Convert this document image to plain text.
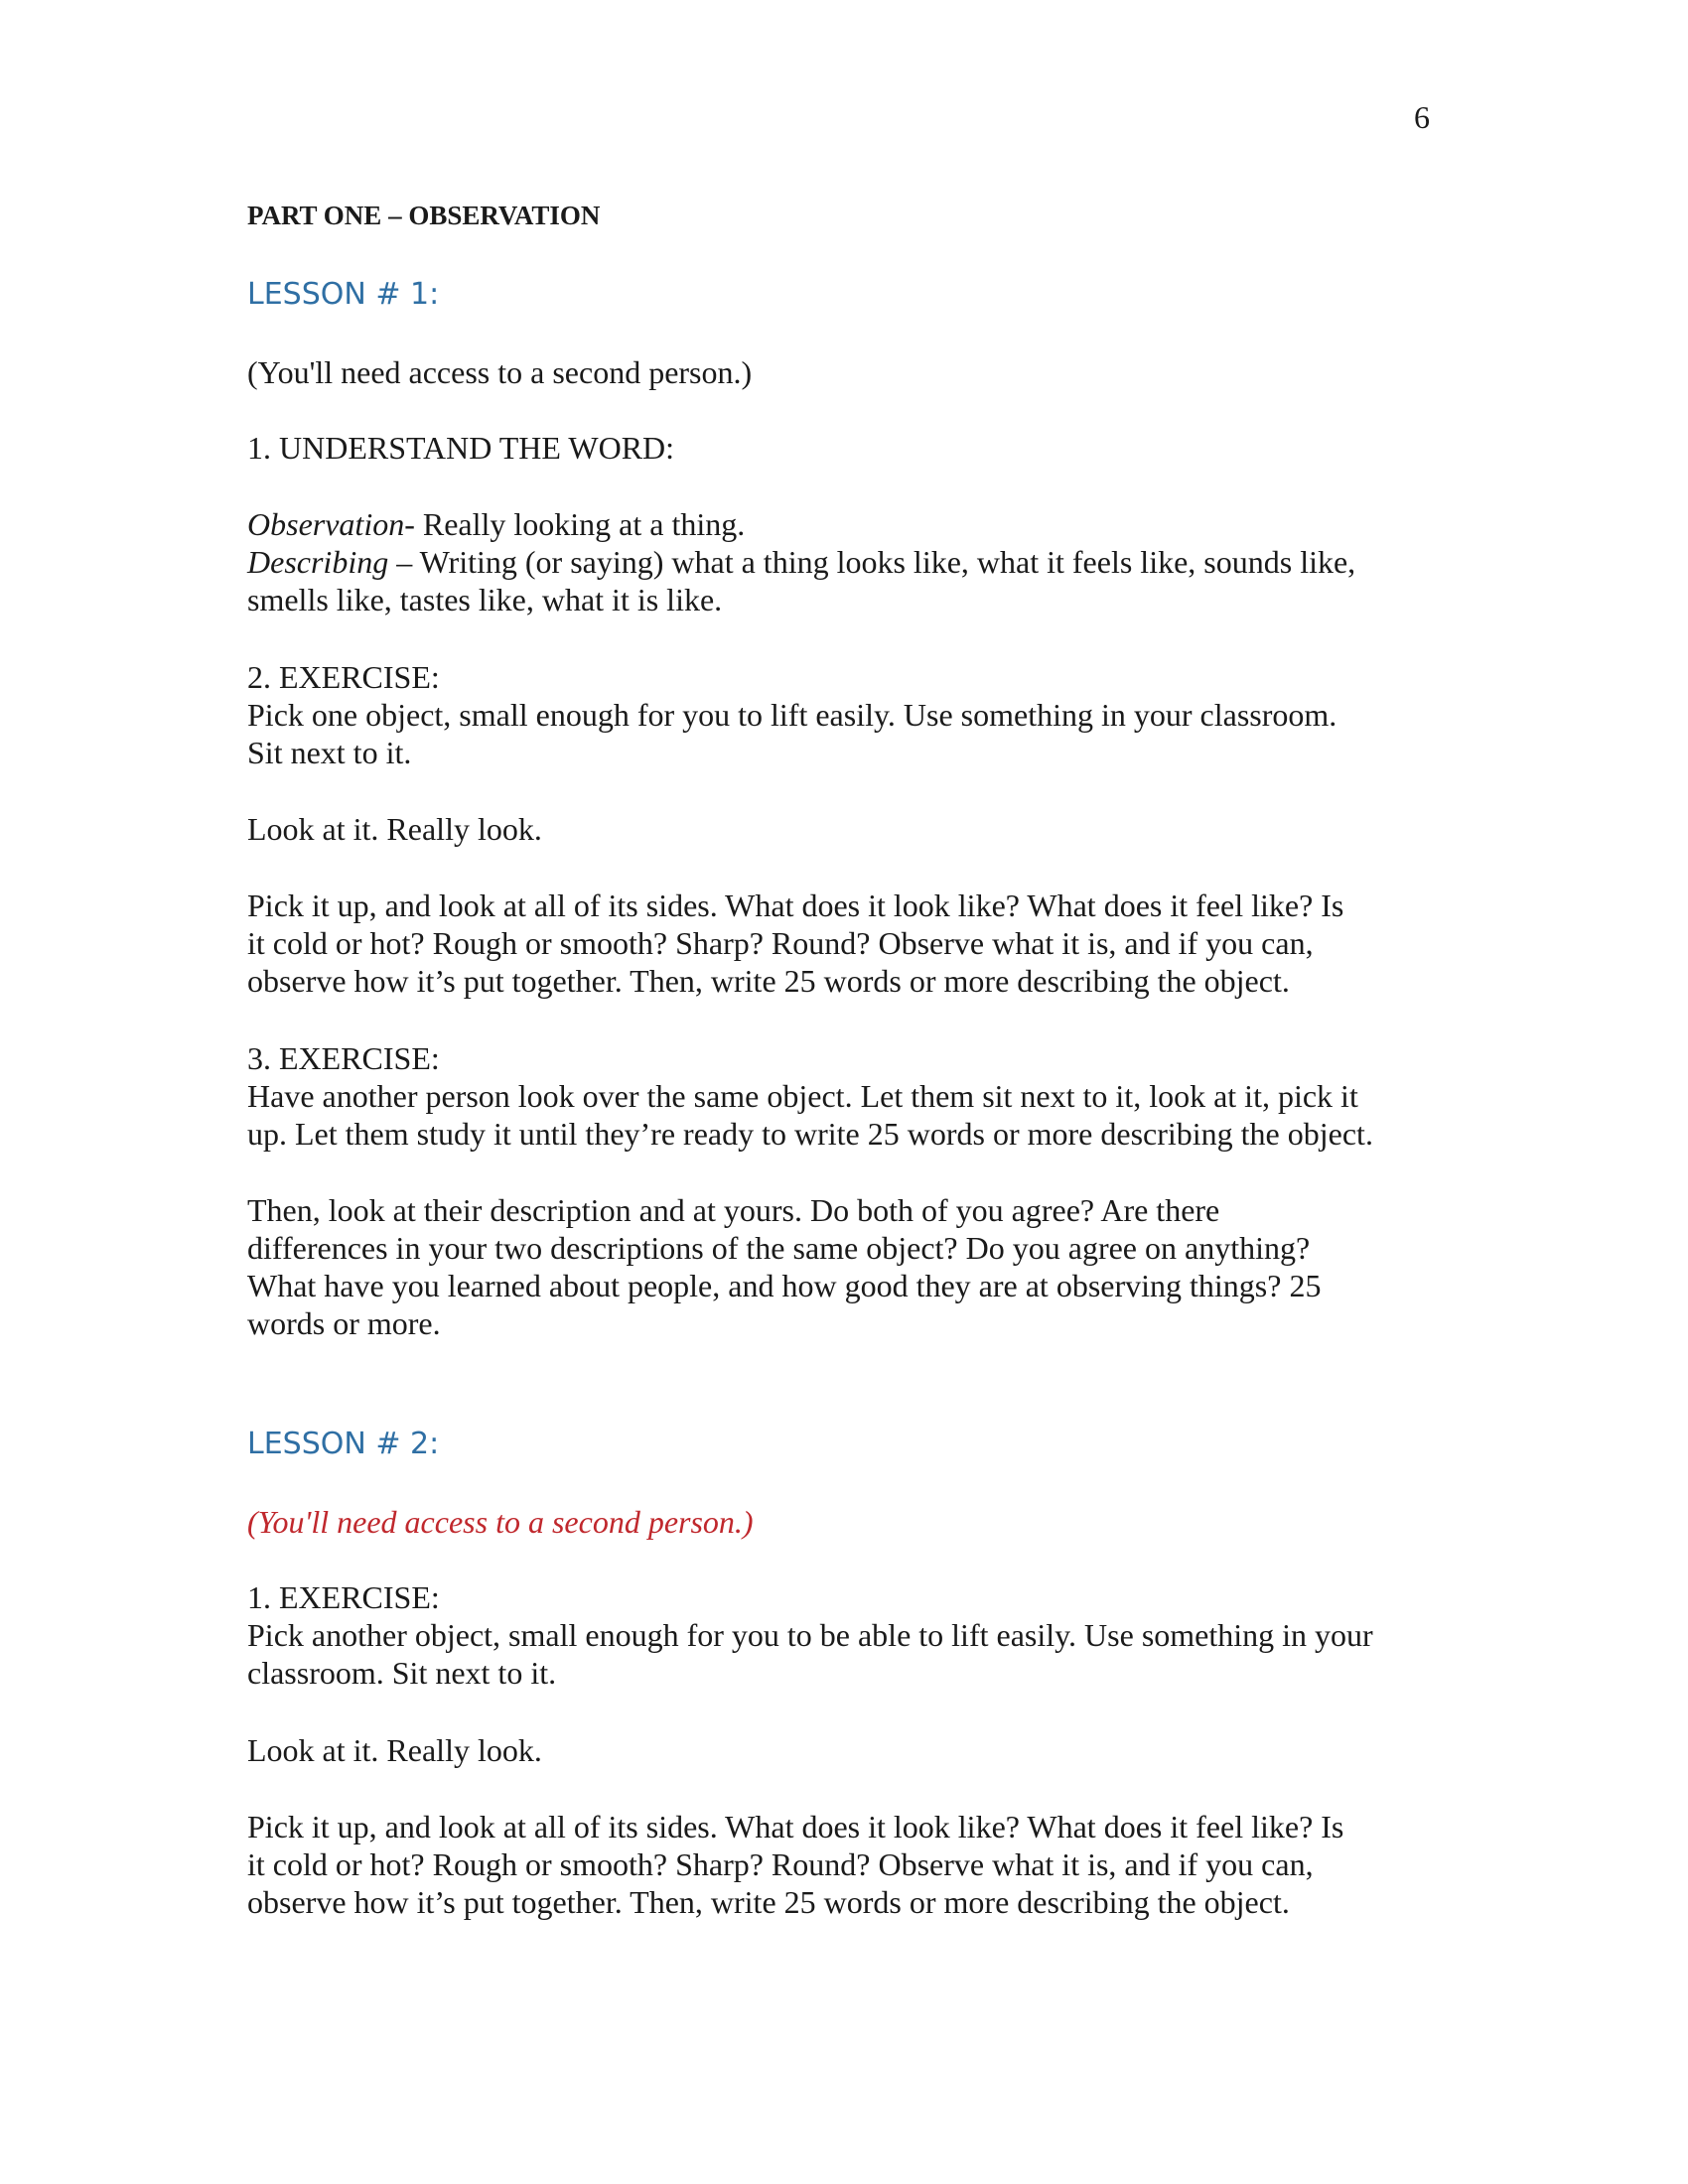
6
PART ONE – OBSERVATION
LESSON # 1:
(You'll need access to a second person.)
1. UNDERSTAND THE WORD:
Observation- Really looking at a thing.
Describing – Writing (or saying) what a thing looks like, what it feels like, sounds like,
smells like, tastes like, what it is like.
2. EXERCISE:
Pick one object, small enough for you to lift easily. Use something in your classroom.
Sit next to it.
Look at it. Really look.
Pick it up, and look at all of its sides. What does it look like? What does it feel like? Is
it cold or hot? Rough or smooth? Sharp? Round? Observe what it is, and if you can,
observe how it’s put together. Then, write 25 words or more describing the object.
3. EXERCISE:
Have another person look over the same object. Let them sit next to it, look at it, pick it
up. Let them study it until they’re ready to write 25 words or more describing the object.
Then, look at their description and at yours. Do both of you agree? Are there
differences in your two descriptions of the same object? Do you agree on anything?
What have you learned about people, and how good they are at observing things? 25
words or more.
LESSON # 2:
(You'll need access to a second person.)
1. EXERCISE:
Pick another object, small enough for you to be able to lift easily. Use something in your
classroom. Sit next to it.
Look at it. Really look.
Pick it up, and look at all of its sides. What does it look like? What does it feel like? Is
it cold or hot? Rough or smooth? Sharp? Round? Observe what it is, and if you can,
observe how it’s put together. Then, write 25 words or more describing the object.
